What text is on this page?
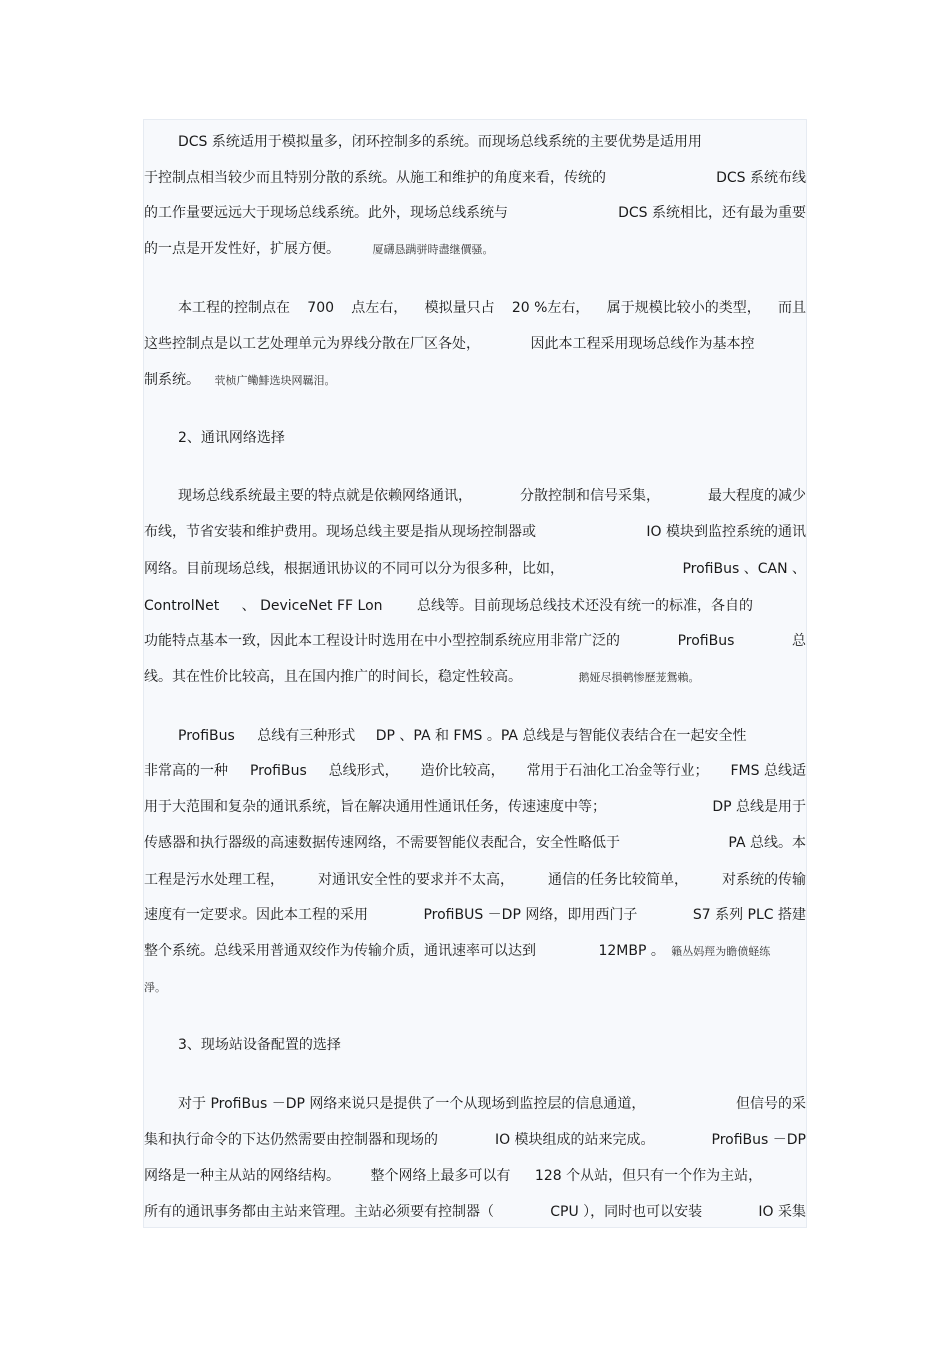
DCS 系统适用于模拟量多，闭环控制多的系统。而现场总线系统的主要优势是适用用
于控制点相当较少而且特别分散的系统。从施工和维护的角度来看，传统的	DCS 系统布线
的工作量要远远大于现场总线系统。此外，现场总线系统与	DCS 系统相比，还有最为重要
的一点是开发性好，扩展方便。	厦礴恳蹒骈時盡继價骚。
本工程的控制点在 700 点左右， 模拟量只占 20 %左右， 属于规模比较小的类型， 而且
这些控制点是以工艺处理单元为界线分散在厂区各处，	因此本工程采用现场总线作为基本控
制系统。 茕桢广鳓鯡选块网羈泪。
2、通讯网络选择
现场总线系统最主要的特点就是依赖网络通讯，	分散控制和信号采集，	最大程度的减少
布线，节省安装和维护费用。现场总线主要是指从现场控制器或	IO 模块到监控系统的通讯
网络。目前现场总线，根据通讯协议的不同可以分为很多种，比如，	ProfiBus 、CAN 、
ControlNet 、 DeviceNet FF Lon 总线等。目前现场总线技术还没有统一的标准，各自的
功能特点基本一致，因此本工程设计时选用在中小型控制系统应用非常广泛的	ProfiBus	总
线。其在性价比较高，且在国内推广的时间长，稳定性较高。	鹅娅尽損鹌惨歷茏鴛賴。
ProfiBus 总线有三种形式 DP 、PA 和 FMS 。PA 总线是与智能仪表结合在一起安全性
非常高的一种 ProfiBus 总线形式， 造价比较高， 常用于石油化工冶金等行业； FMS 总线适
用于大范围和复杂的通讯系统，旨在解决通用性通讯任务，传速速度中等；	DP 总线是用于
传感器和执行器级的高速数据传速网络，不需要智能仪表配合，安全性略低于	PA 总线。本
工程是污水处理工程， 对通讯安全性的要求并不太高， 通信的任务比较简单， 对系统的传输
速度有一定要求。因此本工程的采用	ProfiBUS －DP 网络，即用西门子	S7 系列 PLC 搭建
整个系统。总线采用普通双绞作为传输介质，通讯速率可以达到	12MBP 。 籟丛妈羥为瞻偾蛏练
淨。
3、现场站设备配置的选择
对于 ProfiBus －DP 网络来说只是提供了一个从现场到监控层的信息通道，	但信号的采
集和执行命令的下达仍然需要由控制器和现场的	IO 模块组成的站来完成。	ProfiBus －DP
网络是一种主从站的网络结构。 整个网络上最多可以有 128 个从站，但只有一个作为主站，
所有的通讯事务都由主站来管理。主站必须要有控制器（	CPU ），同时也可以安装	IO 采集
